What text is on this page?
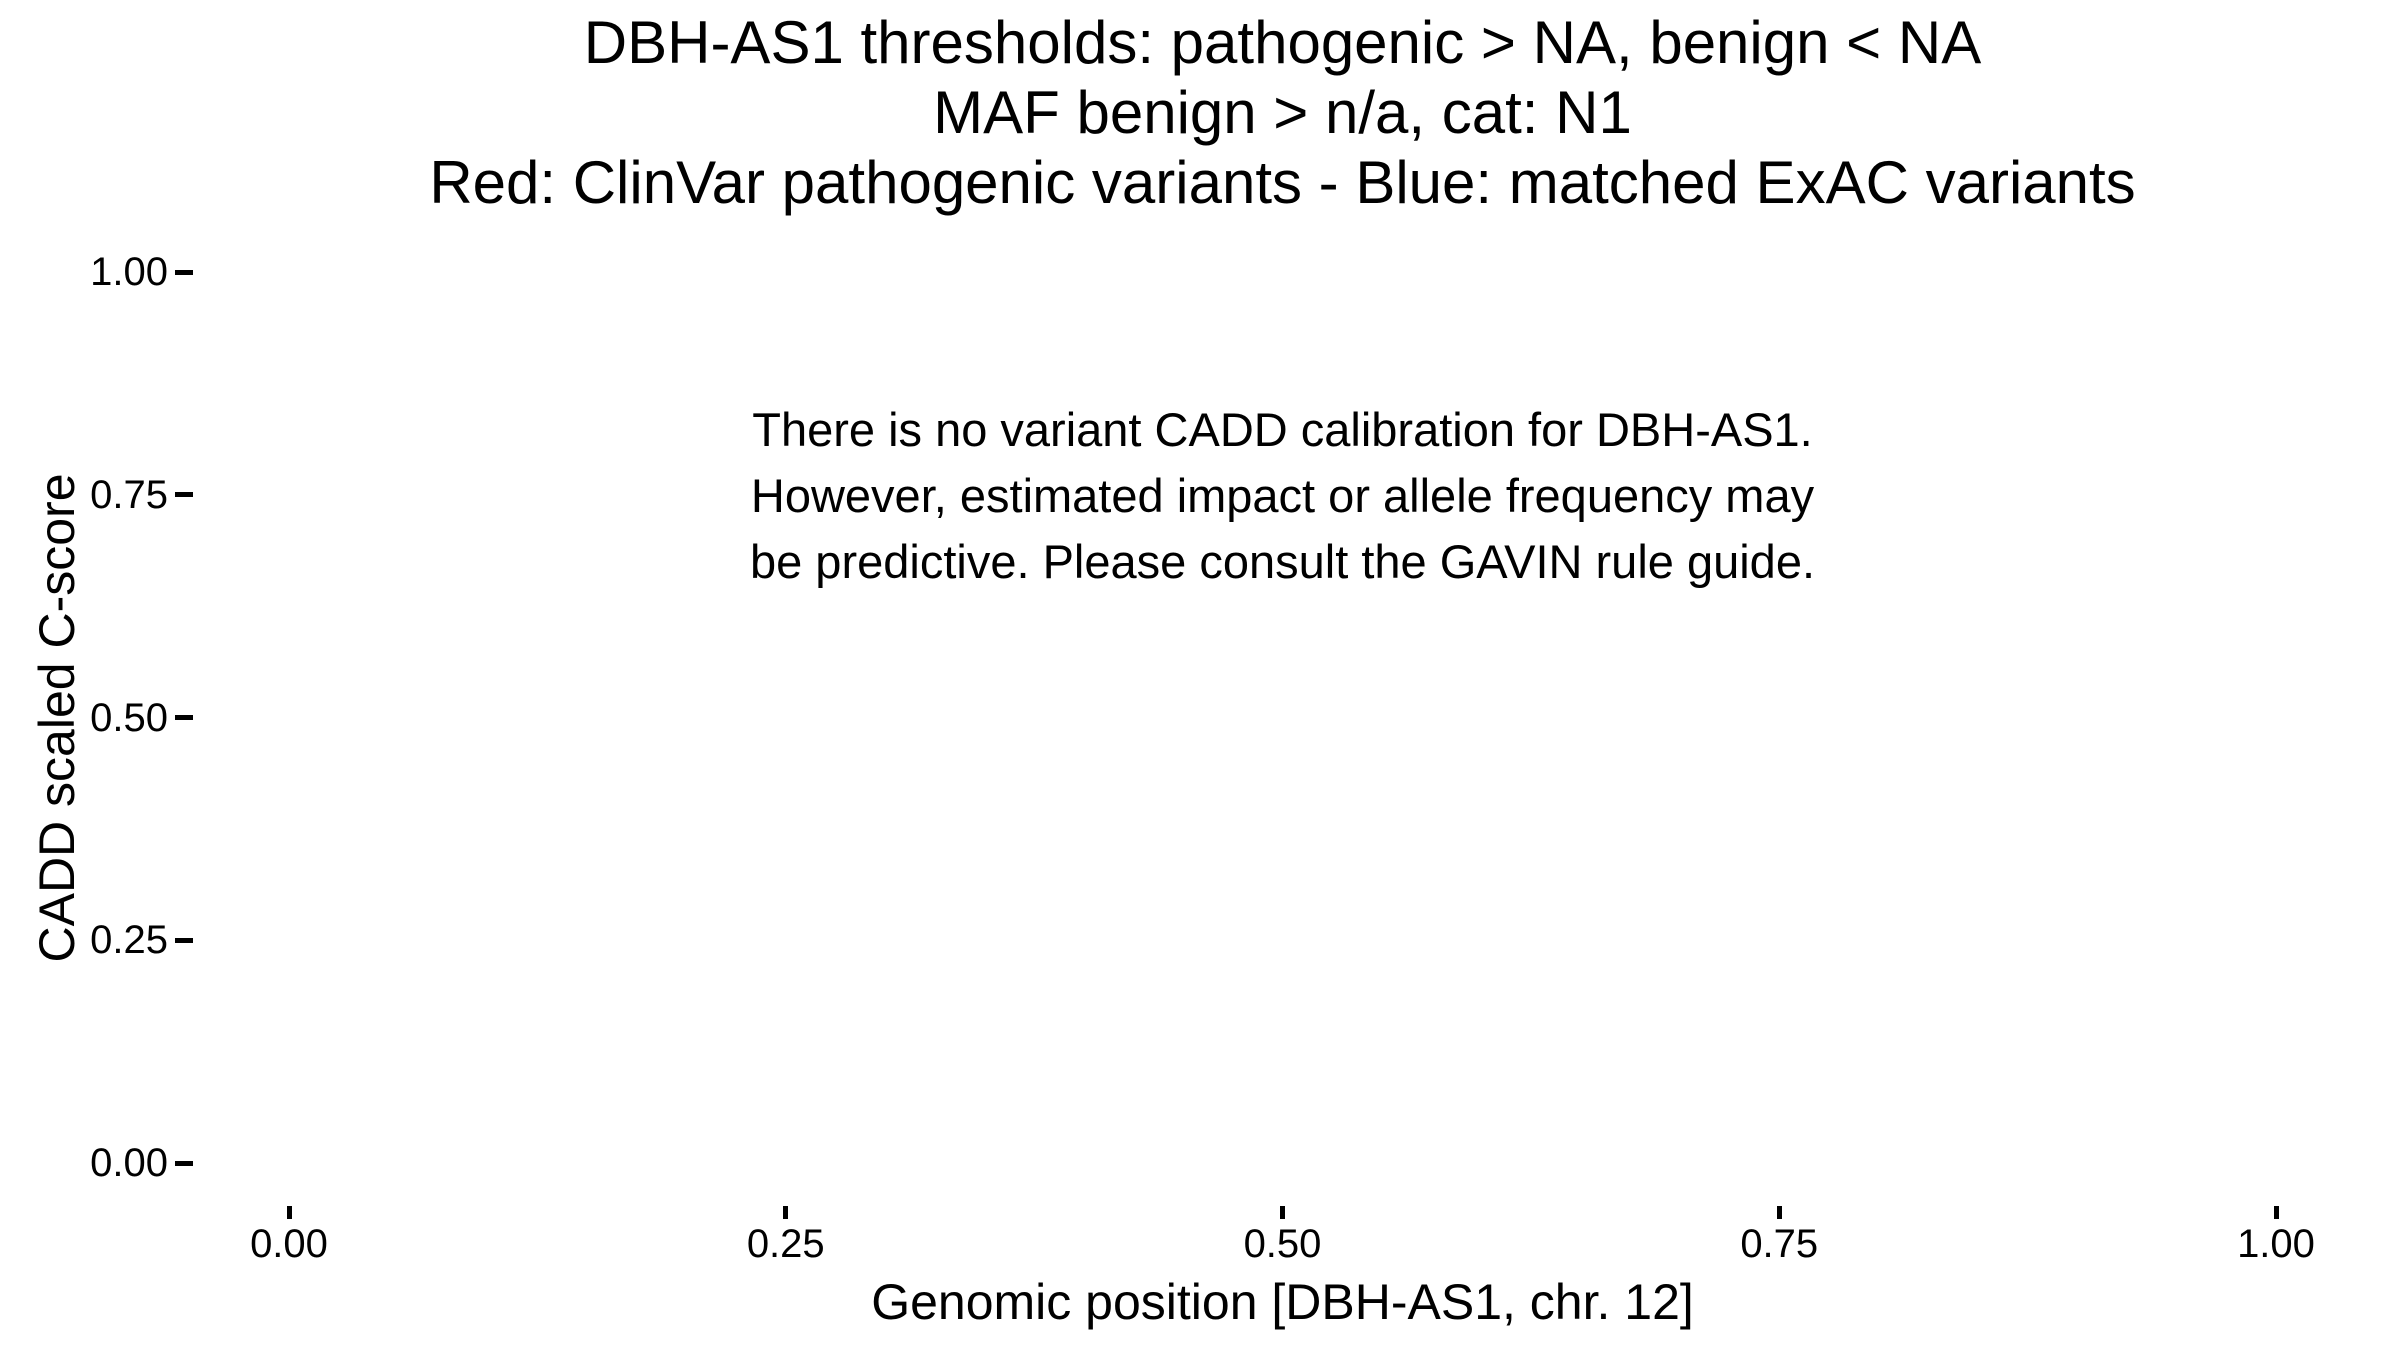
DBH-AS1 thresholds: pathogenic > NA, benign < NA
MAF benign > n/a, cat: N1
Red: ClinVar pathogenic variants - Blue: matched ExAC variants
There is no variant CADD calibration for DBH-AS1.
However, estimated impact or allele frequency may
be predictive. Please consult the GAVIN rule guide.
CADD scaled C-score
Genomic position [DBH-AS1, chr. 12]
0.00
0.25
0.50
0.75
1.00
0.00	0.25	0.50	0.75	1.00
